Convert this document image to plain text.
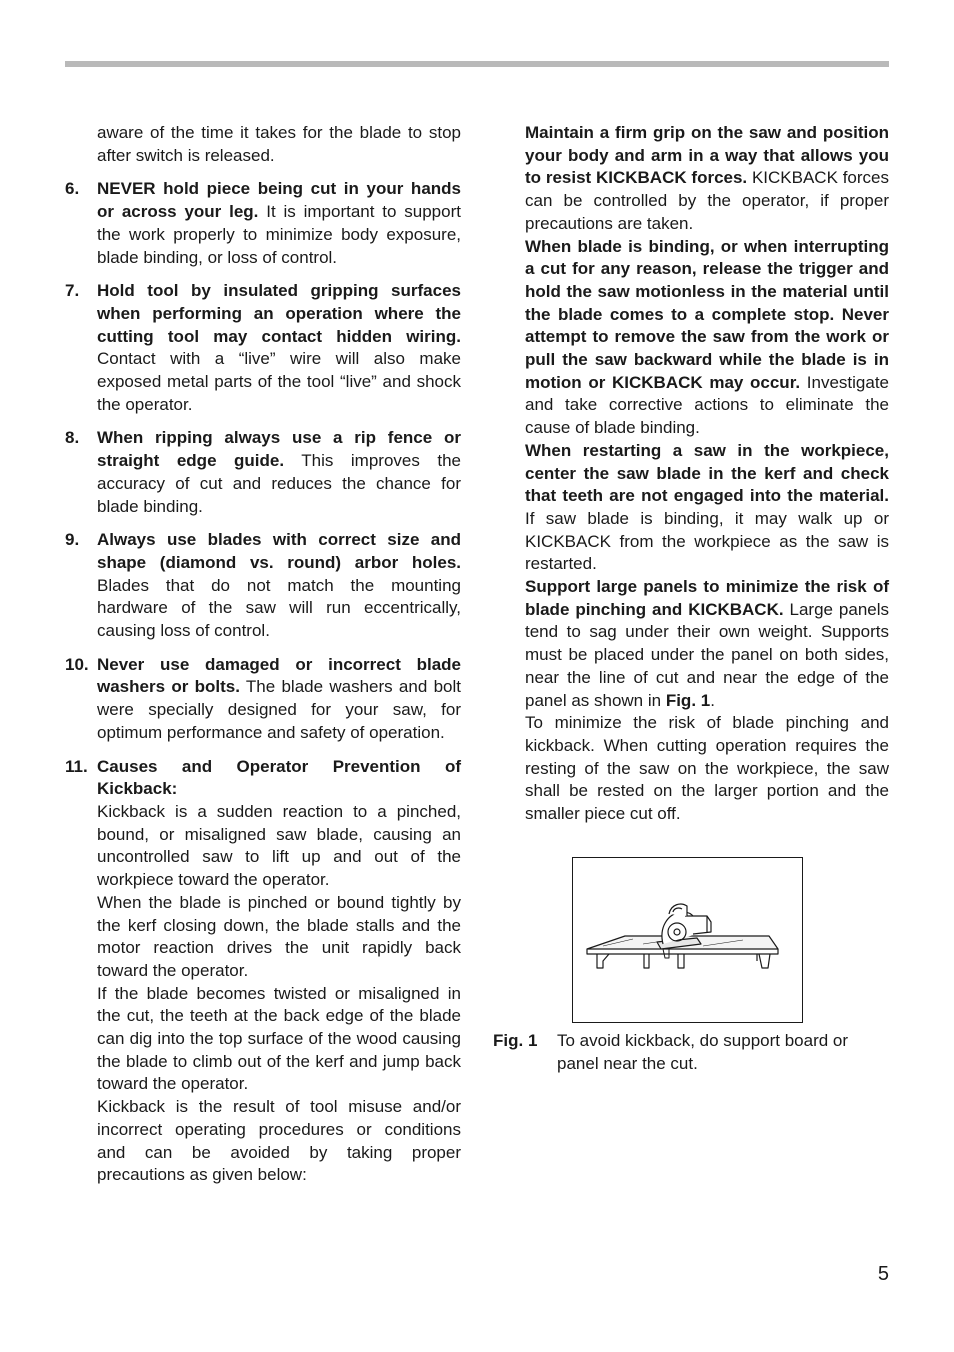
aware of the time it takes for the blade to stop after switch is released.

6. NEVER hold piece being cut in your hands or across your leg. It is important to support the work properly to minimize body exposure, blade binding, or loss of control.

7. Hold tool by insulated gripping surfaces when performing an operation where the cutting tool may contact hidden wiring. Contact with a “live” wire will also make exposed metal parts of the tool “live” and shock the operator.

8. When ripping always use a rip fence or straight edge guide. This improves the accuracy of cut and reduces the chance for blade binding.

9. Always use blades with correct size and shape (diamond vs. round) arbor holes. Blades that do not match the mounting hardware of the saw will run eccentrically, causing loss of control.

10. Never use damaged or incorrect blade washers or bolts. The blade washers and bolt were specially designed for your saw, for optimum performance and safety of operation.

11. Causes and Operator Prevention of Kickback:

Kickback is a sudden reaction to a pinched, bound, or misaligned saw blade, causing an uncontrolled saw to lift up and out of the workpiece toward the operator.

When the blade is pinched or bound tightly by the kerf closing down, the blade stalls and the motor reaction drives the unit rapidly back toward the operator.

If the blade becomes twisted or misaligned in the cut, the teeth at the back edge of the blade can dig into the top surface of the wood causing the blade to climb out of the kerf and jump back toward the operator.

Kickback is the result of tool misuse and/or incorrect operating procedures or conditions and can be avoided by taking proper precautions as given below:

Maintain a firm grip on the saw and position your body and arm in a way that allows you to resist KICKBACK forces. KICKBACK forces can be controlled by the operator, if proper precautions are taken.

When blade is binding, or when interrupting a cut for any reason, release the trigger and hold the saw motionless in the material until the blade comes to a complete stop. Never attempt to remove the saw from the work or pull the saw backward while the blade is in motion or KICKBACK may occur. Investigate and take corrective actions to eliminate the cause of blade binding.

When restarting a saw in the workpiece, center the saw blade in the kerf and check that teeth are not engaged into the material. If saw blade is binding, it may walk up or KICKBACK from the workpiece as the saw is restarted.

Support large panels to minimize the risk of blade pinching and KICKBACK. Large panels tend to sag under their own weight. Supports must be placed under the panel on both sides, near the line of cut and near the edge of the panel as shown in Fig. 1.

To minimize the risk of blade pinching and kickback. When cutting operation requires the resting of the saw on the workpiece, the saw shall be rested on the larger portion and the smaller piece cut off.

Fig. 1 To avoid kickback, do support board or panel near the cut.
5
